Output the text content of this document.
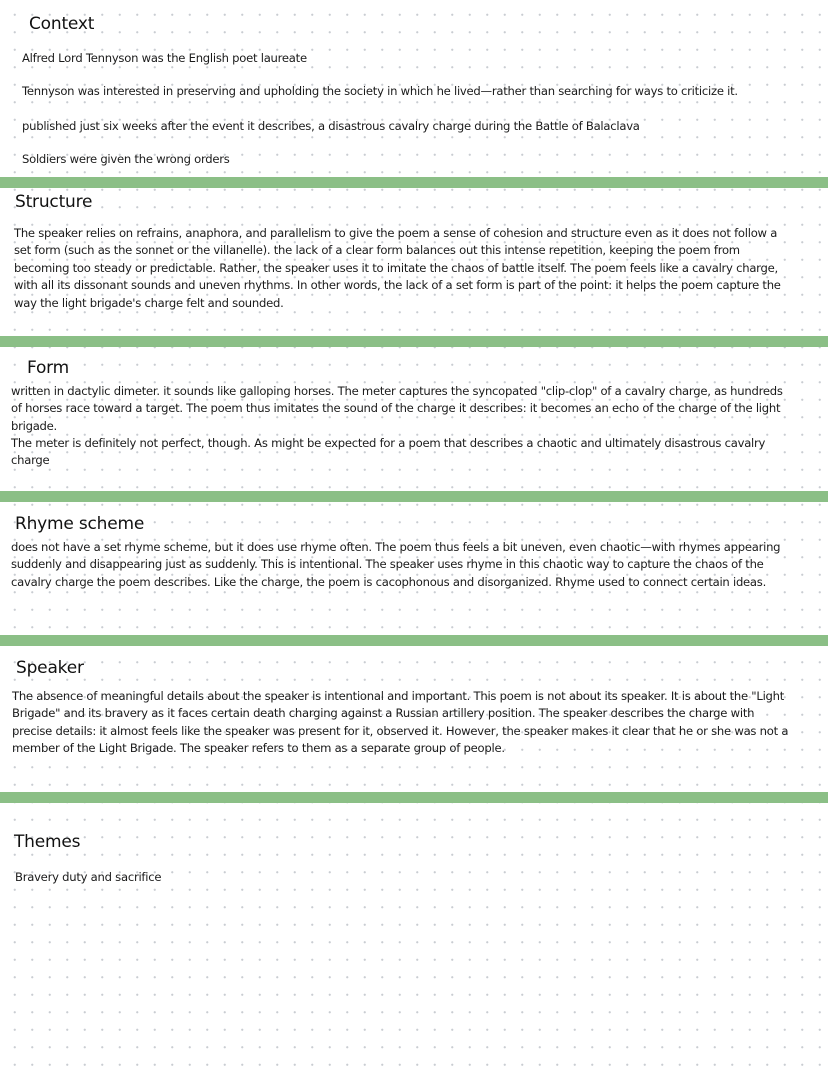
Context

Alfred Lord Tennyson was the English poet laureate

Tennyson was interested in preserving and upholding the society in which he lived—rather than searching for ways to criticize it.

published just six weeks after the event it describes, a disastrous cavalry charge during the Battle of Balaclava

Soldiers were given the wrong orders

Structure

The speaker relies on refrains, anaphora, and parallelism to give the poem a sense of cohesion and structure even as it does not follow a set form (such as the sonnet or the villanelle). the lack of a clear form balances out this intense repetition, keeping the poem from becoming too steady or predictable. Rather, the speaker uses it to imitate the chaos of battle itself. The poem feels like a cavalry charge, with all its dissonant sounds and uneven rhythms. In other words, the lack of a set form is part of the point: it helps the poem capture the way the light brigade's charge felt and sounded.

Form

written in dactylic dimeter. it sounds like galloping horses. The meter captures the syncopated "clip-clop" of a cavalry charge, as hundreds of horses race toward a target. The poem thus imitates the sound of the charge it describes: it becomes an echo of the charge of the light brigade.

The meter is definitely not perfect, though. As might be expected for a poem that describes a chaotic and ultimately disastrous cavalry charge

Rhyme scheme

does not have a set rhyme scheme, but it does use rhyme often. The poem thus feels a bit uneven, even chaotic—with rhymes appearing suddenly and disappearing just as suddenly. This is intentional. The speaker uses rhyme in this chaotic way to capture the chaos of the cavalry charge the poem describes. Like the charge, the poem is cacophonous and disorganized. Rhyme used to connect certain ideas.

Speaker

The absence of meaningful details about the speaker is intentional and important. This poem is not about its speaker. It is about the "Light Brigade" and its bravery as it faces certain death charging against a Russian artillery position. The speaker describes the charge with precise details: it almost feels like the speaker was present for it, observed it. However, the speaker makes it clear that he or she was not a member of the Light Brigade. The speaker refers to them as a separate group of people.

Themes

Bravery duty and sacrifice
